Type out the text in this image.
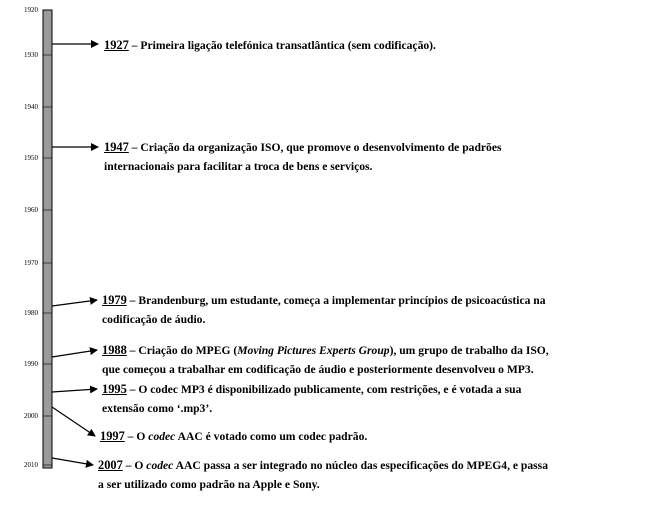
1920
1930
1940
1950
1960
1970
1980
1990
2000
2010
1927 – Primeira ligação telefónica transatlântica (sem codificação).
1947 – Criação da organização ISO, que promove o desenvolvimento de padrões
internacionais para facilitar a troca de bens e serviços.
1979 – Brandenburg, um estudante, começa a implementar princípios de psicoacústica na
codificação de áudio.
1988 – Criação do MPEG (Moving Pictures Experts Group), um grupo de trabalho da ISO,
que começou a trabalhar em codificação de áudio e posteriormente desenvolveu o MP3.
1995 – O codec MP3 é disponibilizado publicamente, com restrições, e é votada a sua
extensão como ‘.mp3’.
1997 – O codec AAC é votado como um codec padrão.
2007 – O codec AAC passa a ser integrado no núcleo das especificações do MPEG4, e passa
a ser utilizado como padrão na Apple e Sony.
